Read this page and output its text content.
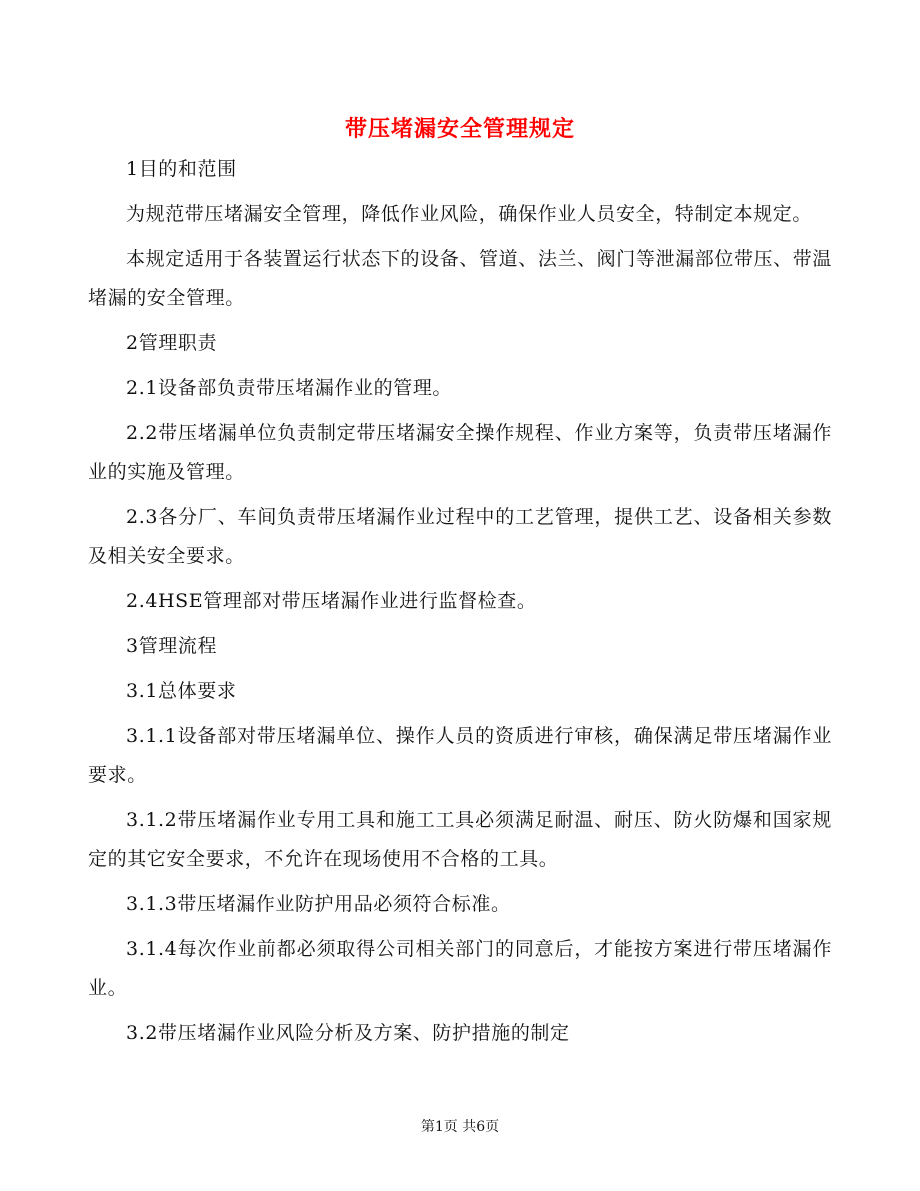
带压堵漏安全管理规定

1目的和范围

为规范带压堵漏安全管理，降低作业风险，确保作业人员安全，特制定本规定。

本规定适用于各装置运行状态下的设备、管道、法兰、阀门等泄漏部位带压、带温堵漏的安全管理。

2管理职责

2.1设备部负责带压堵漏作业的管理。

2.2带压堵漏单位负责制定带压堵漏安全操作规程、作业方案等，负责带压堵漏作业的实施及管理。

2.3各分厂、车间负责带压堵漏作业过程中的工艺管理，提供工艺、设备相关参数及相关安全要求。

2.4HSE管理部对带压堵漏作业进行监督检查。

3管理流程

3.1总体要求

3.1.1设备部对带压堵漏单位、操作人员的资质进行审核，确保满足带压堵漏作业要求。

3.1.2带压堵漏作业专用工具和施工工具必须满足耐温、耐压、防火防爆和国家规定的其它安全要求，不允许在现场使用不合格的工具。

3.1.3带压堵漏作业防护用品必须符合标准。

3.1.4每次作业前都必须取得公司相关部门的同意后，才能按方案进行带压堵漏作业。

3.2带压堵漏作业风险分析及方案、防护措施的制定

第1页 共6页
